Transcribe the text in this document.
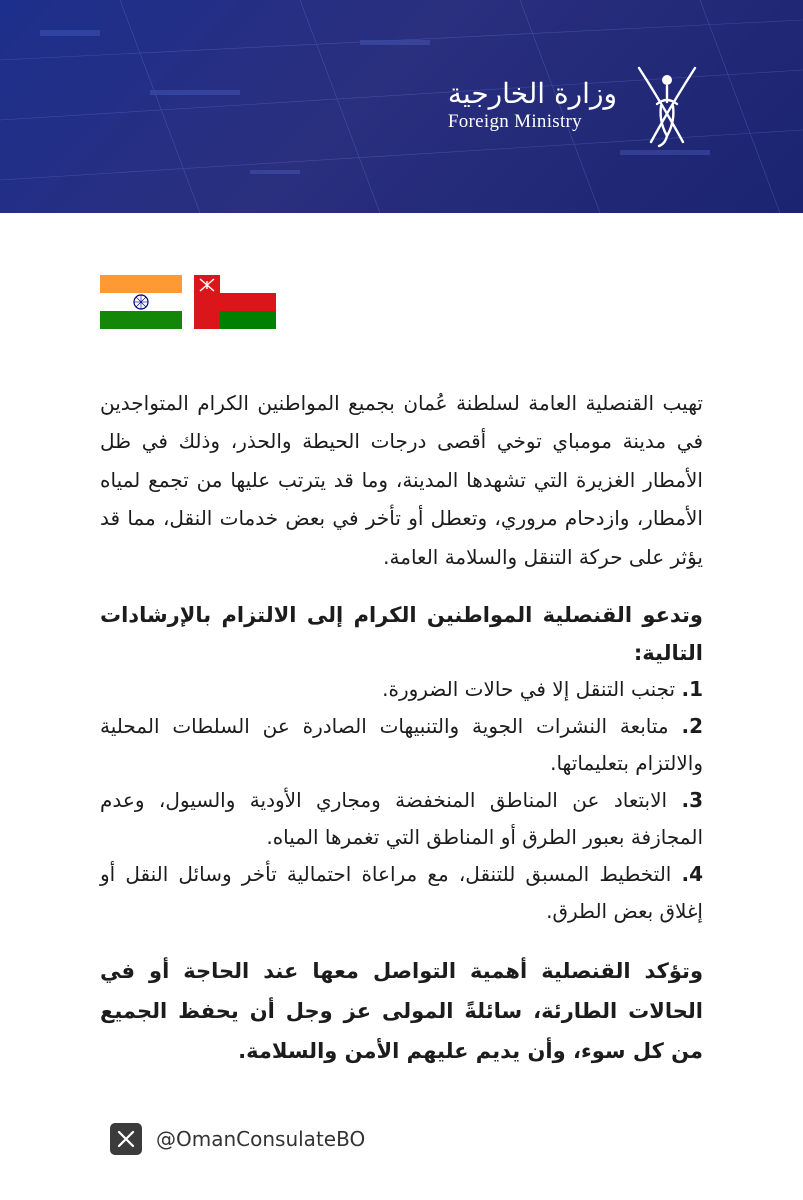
وزارة الخارجية
Foreign Ministry
تهيب القنصلية العامة لسلطنة عُمان بجميع المواطنين الكرام المتواجدين في مدينة مومباي توخي أقصى درجات الحيطة والحذر، وذلك في ظل الأمطار الغزيرة التي تشهدها المدينة، وما قد يترتب عليها من تجمع لمياه الأمطار، وازدحام مروري، وتعطل أو تأخر في بعض خدمات النقل، مما قد يؤثر على حركة التنقل والسلامة العامة.
وتدعو القنصلية المواطنين الكرام إلى الالتزام بالإرشادات التالية:

1. تجنب التنقل إلا في حالات الضرورة.

2. متابعة النشرات الجوية والتنبيهات الصادرة عن السلطات المحلية والالتزام بتعليماتها.

3. الابتعاد عن المناطق المنخفضة ومجاري الأودية والسيول، وعدم المجازفة بعبور الطرق أو المناطق التي تغمرها المياه.

4. التخطيط المسبق للتنقل، مع مراعاة احتمالية تأخر وسائل النقل أو إغلاق بعض الطرق.

وتؤكد القنصلية أهمية التواصل معها عند الحاجة أو في الحالات الطارئة، سائلةً المولى عز وجل أن يحفظ الجميع من كل سوء، وأن يديم عليهم الأمن والسلامة.
@OmanConsulateBO
